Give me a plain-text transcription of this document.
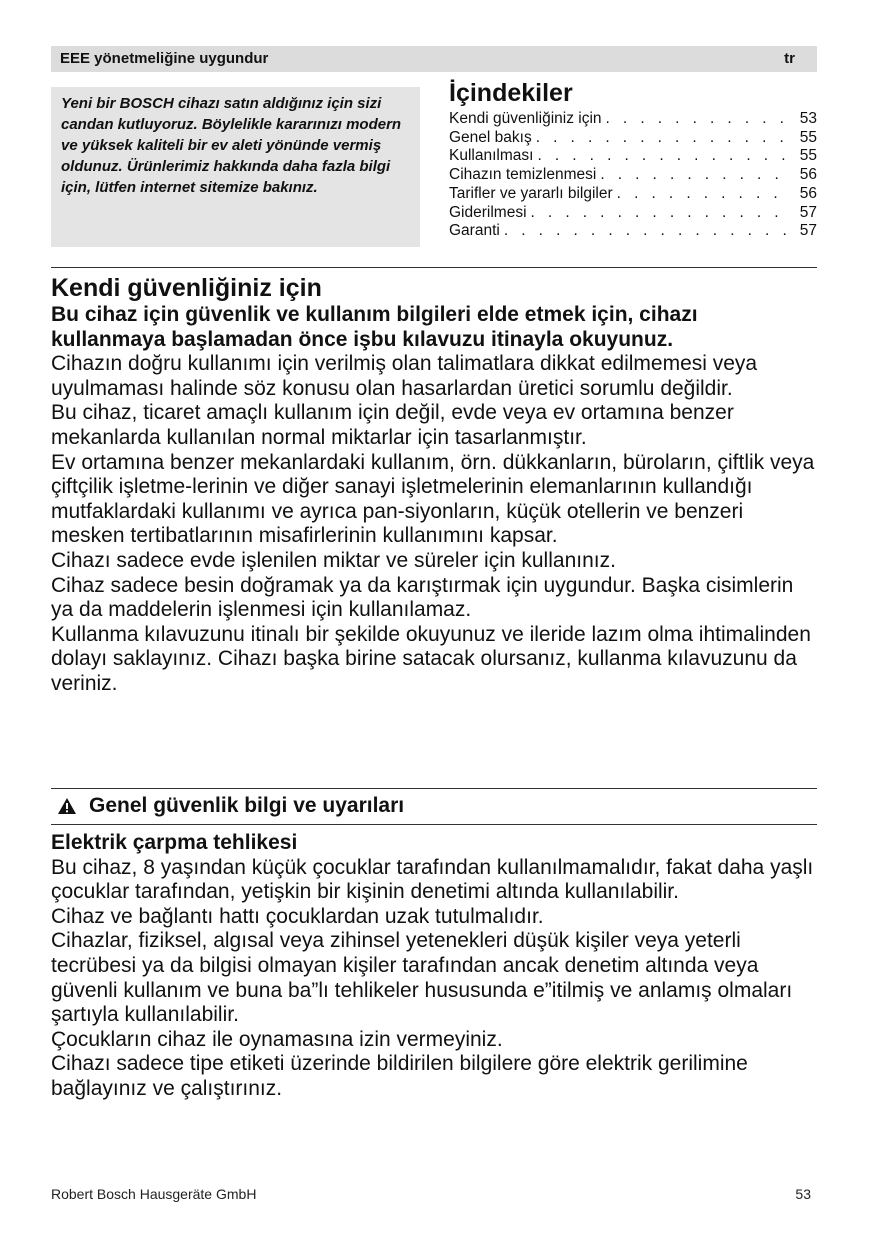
EEE yönetmeliğine uygundur	tr
Yeni bir BOSCH cihazı satın aldığınız için sizi candan kutluyoruz. Böylelikle kararınızı modern ve yüksek kaliteli bir ev aleti yönünde vermiş oldunuz. Ürünlerimiz hakkında daha fazla bilgi için, lütfen internet sitemize bakınız.
İçindekiler
Kendi güvenliğiniz için . . .	53
Genel bakış . . .	55
Kullanılması . . .	55
Cihazın temizlenmesi . . .	56
Tarifler ve yararlı bilgiler . . .	56
Giderilmesi . . .	57
Garanti . . .	57
Kendi güvenliğiniz için

Bu cihaz için güvenlik ve kullanım bilgileri elde etmek için, cihazı kullanmaya başlamadan önce işbu kılavuzu itinayla okuyunuz.

Cihazın doğru kullanımı için verilmiş olan talimatlara dikkat edilmemesi veya uyulmaması halinde söz konusu olan hasarlardan üretici sorumlu değildir.

Bu cihaz, ticaret amaçlı kullanım için değil, evde veya ev ortamına benzer mekanlarda kullanılan normal miktarlar için tasarlanmıştır.

Ev ortamına benzer mekanlardaki kullanım, örn. dükkanların, büroların, çiftlik veya çiftçilik işletme-lerinin ve diğer sanayi işletmelerinin elemanlarının kullandığı mutfaklardaki kullanımı ve ayrıca pan-siyonların, küçük otellerin ve benzeri mesken tertibatlarının misafirlerinin kullanımını kapsar.

Cihazı sadece evde işlenilen miktar ve süreler için kullanınız.

Cihaz sadece besin doğramak ya da karıştırmak için uygundur. Başka cisimlerin ya da maddelerin işlenmesi için kullanılamaz.

Kullanma kılavuzunu itinalı bir şekilde okuyunuz ve ileride lazım olma ihtimalinden dolayı saklayınız. Cihazı başka birine satacak olursanız, kullanma kılavuzunu da veriniz.

Genel güvenlik bilgi ve uyarıları
Elektrik çarpma tehlikesi

Bu cihaz, 8 yaşından küçük çocuklar tarafından kullanılmamalıdır, fakat daha yaşlı çocuklar tarafından, yetişkin bir kişinin denetimi altında kullanılabilir.

Cihaz ve bağlantı hattı çocuklardan uzak tutulmalıdır.

Cihazlar, fiziksel, algısal veya zihinsel yetenekleri düşük kişiler veya yeterli tecrübesi ya da bilgisi olmayan kişiler tarafından ancak denetim altında veya güvenli kullanım ve buna ba”lı tehlikeler hususunda e”itilmiş ve anlamış olmaları şartıyla kullanılabilir.

Çocukların cihaz ile oynamasına izin vermeyiniz.

Cihazı sadece tipe etiketi üzerinde bildirilen bilgilere göre elektrik gerilimine bağlayınız ve çalıştırınız.

Robert Bosch Hausgeräte GmbH	53
